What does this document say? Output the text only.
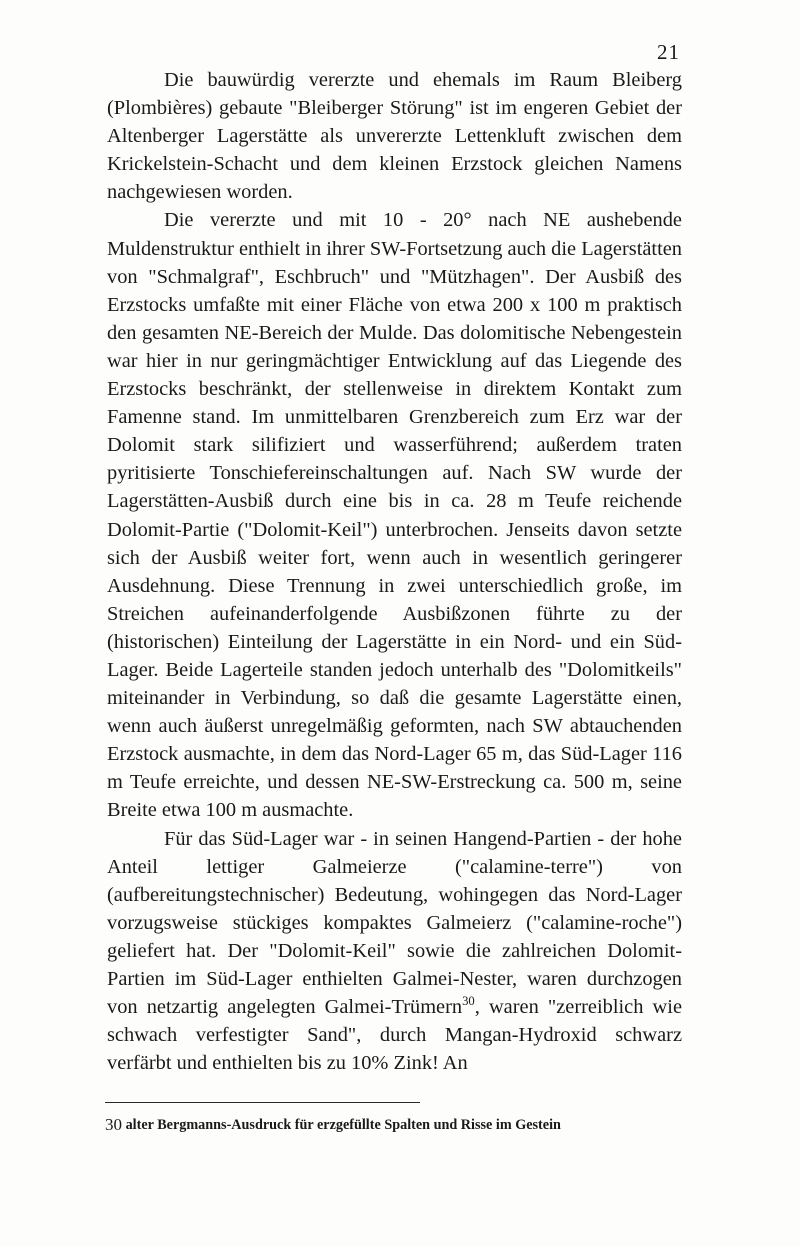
21

Die bauwürdig vererzte und ehemals im Raum Bleiberg (Plombières) gebaute "Bleiberger Störung" ist im engeren Gebiet der Altenberger Lagerstätte als unvererzte Lettenkluft zwischen dem Krickelstein-Schacht und dem kleinen Erzstock gleichen Namens nachgewiesen worden.

Die vererzte und mit 10 - 20° nach NE aushebende Muldenstruktur enthielt in ihrer SW-Fortsetzung auch die Lagerstätten von "Schmalgraf", Eschbruch" und "Mützhagen". Der Ausbiß des Erzstocks umfaßte mit einer Fläche von etwa 200 x 100 m praktisch den gesamten NE-Bereich der Mulde. Das dolomitische Nebengestein war hier in nur geringmächtiger Entwicklung auf das Liegende des Erzstocks beschränkt, der stellenweise in direktem Kontakt zum Famenne stand. Im unmittelbaren Grenzbereich zum Erz war der Dolomit stark silifiziert und wasserführend; außerdem traten pyritisierte Tonschiefereinschaltungen auf. Nach SW wurde der Lagerstätten-Ausbiß durch eine bis in ca. 28 m Teufe reichende Dolomit-Partie ("Dolomit-Keil") unterbrochen. Jenseits davon setzte sich der Ausbiß weiter fort, wenn auch in wesentlich geringerer Ausdehnung. Diese Trennung in zwei unterschiedlich große, im Streichen aufeinanderfolgende Ausbißzonen führte zu der (historischen) Einteilung der Lagerstätte in ein Nord- und ein Süd-Lager. Beide Lagerteile standen jedoch unterhalb des "Dolomitkeils" miteinander in Verbindung, so daß die gesamte Lagerstätte einen, wenn auch äußerst unregelmäßig geformten, nach SW abtauchenden Erzstock ausmachte, in dem das Nord-Lager 65 m, das Süd-Lager 116 m Teufe erreichte, und dessen NE-SW-Erstreckung ca. 500 m, seine Breite etwa 100 m ausmachte.

Für das Süd-Lager war - in seinen Hangend-Partien - der hohe Anteil lettiger Galmeierze ("calamine-terre") von (aufbereitungstechnischer) Bedeutung, wohingegen das Nord-Lager vorzugsweise stückiges kompaktes Galmeierz ("calamine-roche") geliefert hat. Der "Dolomit-Keil" sowie die zahlreichen Dolomit-Partien im Süd-Lager enthielten Galmei-Nester, waren durchzogen von netzartig angelegten Galmei-Trümern$^{30}$, waren "zerreiblich wie schwach verfestigter Sand", durch Mangan-Hydroxid schwarz verfärbt und enthielten bis zu 10% Zink! An

$^{30}$ alter Bergmanns-Ausdruck für erzgefüllte Spalten und Risse im Gestein
